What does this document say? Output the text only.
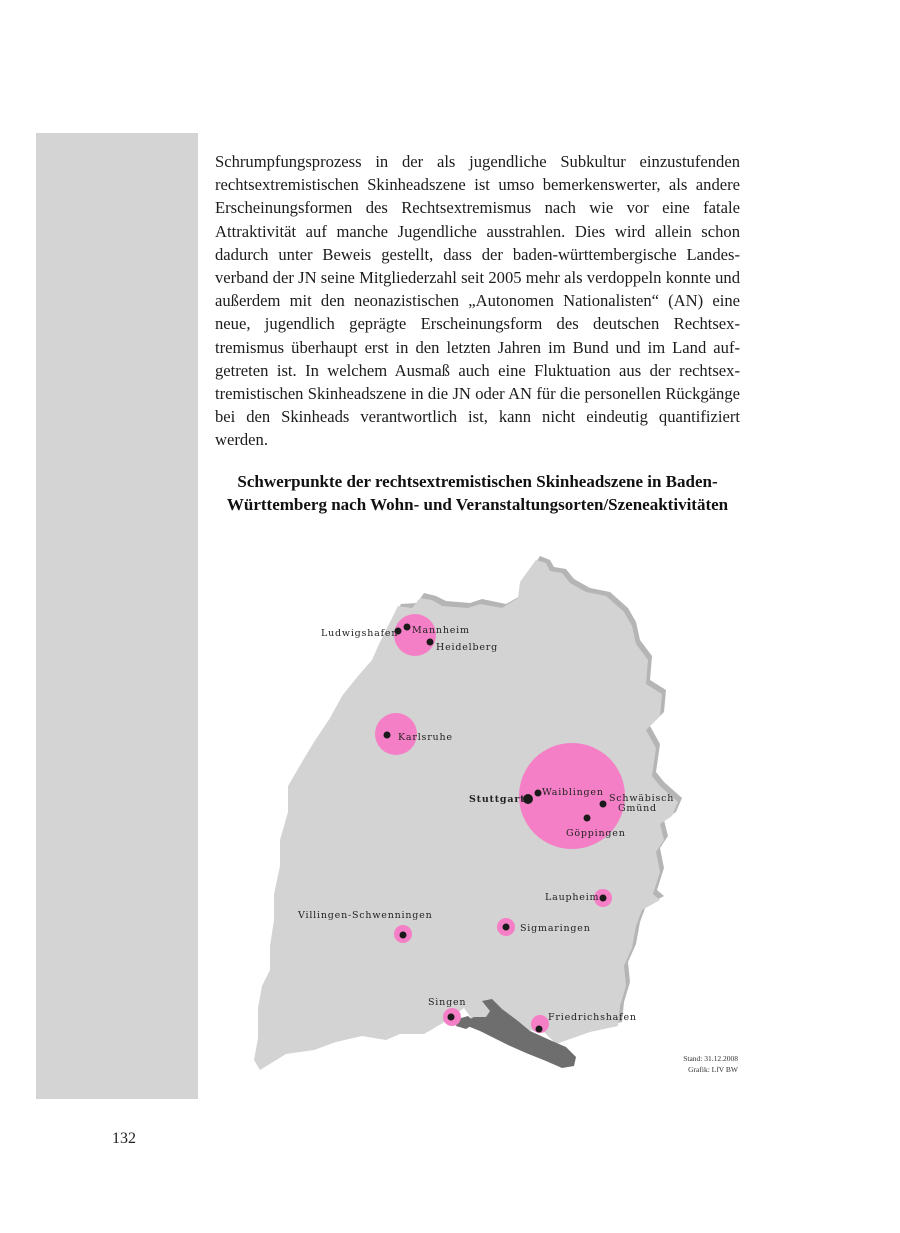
Schrumpfungsprozess in der als jugendliche Subkultur einzustufenden rechtsextremistischen Skinheadszene ist umso bemerkenswerter, als andere Erscheinungsformen des Rechtsextremismus nach wie vor eine fatale Attraktivität auf manche Jugendliche ausstrahlen. Dies wird allein schon dadurch unter Beweis gestellt, dass der baden-württembergische Landesverband der JN seine Mitgliederzahl seit 2005 mehr als verdoppeln konnte und außerdem mit den neonazistischen „Autonomen Nationalisten“ (AN) eine neue, jugendlich geprägte Erscheinungsform des deutschen Rechtsextremismus überhaupt erst in den letzten Jahren im Bund und im Land aufgetreten ist. In welchem Ausmaß auch eine Fluktuation aus der rechtsextremistischen Skinheadszene in die JN oder AN für die personellen Rückgänge bei den Skinheads verantwortlich ist, kann nicht eindeutig quantifiziert werden.
Schwerpunkte der rechtsextremistischen Skinheadszene in Baden-
Württemberg nach Wohn- und Veranstaltungsorten/Szeneaktivitäten
Ludwigshafen Mannheim
Heidelberg
Karlsruhe
Stuttgart
Waiblingen
Schwäbisch
Gmünd
Göppingen
Laupheim
Villingen-Schwenningen
Sigmaringen
Singen
Friedrichshafen
Stand: 31.12.2008
Grafik: LfV BW
132
